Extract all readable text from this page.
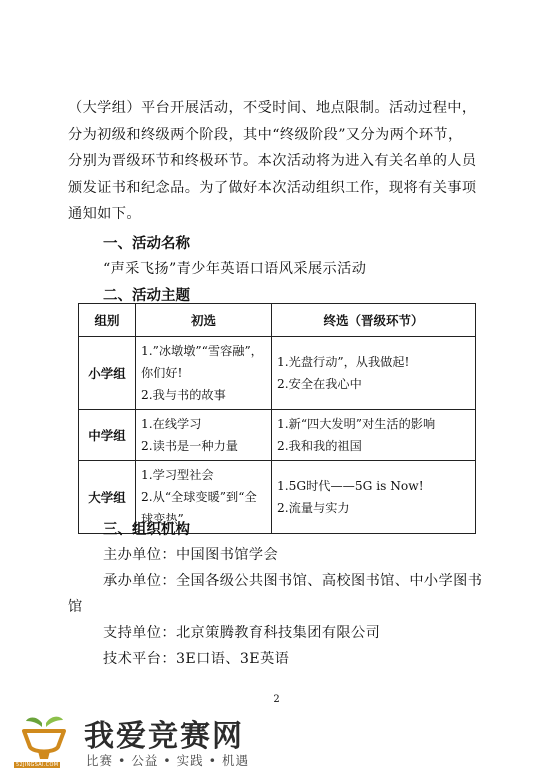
（大学组）平台开展活动，不受时间、地点限制。活动过程中，
分为初级和终级两个阶段，其中“终级阶段”又分为两个环节，
分别为晋级环节和终极环节。本次活动将为进入有关名单的人员
颁发证书和纪念品。为了做好本次活动组织工作，现将有关事项
通知如下。
一、活动名称
“声采飞扬”青少年英语口语风采展示活动
二、活动主题
组别	初选	终选（晋级环节）
小学组	1.”冰墩墩”“雪容融”，你们好!
2.我与书的故事	1.光盘行动”，从我做起!
2.安全在我心中

中学组	1.在线学习
2.读书是一种力量	1.新“四大发明”对生活的影响
2.我和我的祖国

大学组	1.学习型社会
2.从“全球变暖”到“全球变热”	1.5G时代——5G is Now!
2.流量与实力
三、组织机构
主办单位：中国图书馆学会
承办单位：全国各级公共图书馆、高校图书馆、中小学图书
馆
支持单位：北京策腾教育科技集团有限公司
技术平台：3E口语、3E英语
2
52JINGSAI.COM
我爱竞赛网
比赛 • 公益 • 实践 • 机遇
